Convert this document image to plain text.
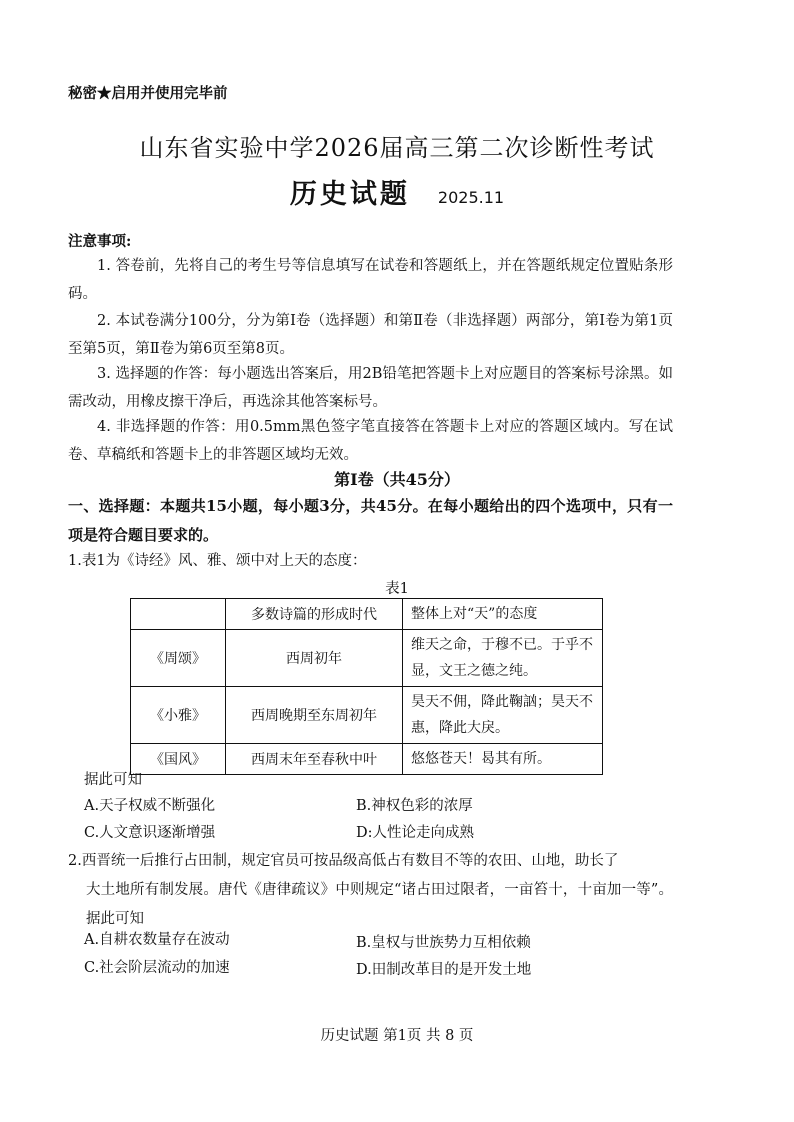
秘密★启用并使用完毕前
山东省实验中学2026届高三第二次诊断性考试
历史试题 2025.11
注意事项:
1. 答卷前，先将自己的考生号等信息填写在试卷和答题纸上，并在答题纸规定位置贴条形码。
2. 本试卷满分100分，分为第Ⅰ卷（选择题）和第Ⅱ卷（非选择题）两部分，第Ⅰ卷为第1页至第5页，第Ⅱ卷为第6页至第8页。
3. 选择题的作答：每小题选出答案后，用2B铅笔把答题卡上对应题目的答案标号涂黑。如需改动，用橡皮擦干净后，再选涂其他答案标号。
4. 非选择题的作答：用0.5mm黑色签字笔直接答在答题卡上对应的答题区域内。写在试卷、草稿纸和答题卡上的非答题区域均无效。
第Ⅰ卷（共45分）
一、选择题：本题共15小题，每小题3分，共45分。在每小题给出的四个选项中，只有一项是符合题目要求的。
1.表1为《诗经》风、雅、颂中对上天的态度：
表1
	多数诗篇的形成时代	整体上对“天”的态度
《周颂》	西周初年	维天之命，于穆不已。于乎不显，文王之德之纯。
《小雅》	西周晚期至东周初年	昊天不佣，降此鞠訩；昊天不惠，降此大戾。
《国风》	西周末年至春秋中叶	悠悠苍天！曷其有所。
据此可知
A.天子权威不断强化	B.神权色彩的浓厚
C.人文意识逐渐增强	D:人性论走向成熟
2.西晋统一后推行占田制，规定官员可按品级高低占有数目不等的农田、山地，助长了
大土地所有制发展。唐代《唐律疏议》中则规定“诸占田过限者，一亩笞十，十亩加一等”。据此可知
A.自耕农数量存在波动	B.皇权与世族势力互相依赖
C.社会阶层流动的加速	D.田制改革目的是开发土地
历史试题 第1页 共 8 页
